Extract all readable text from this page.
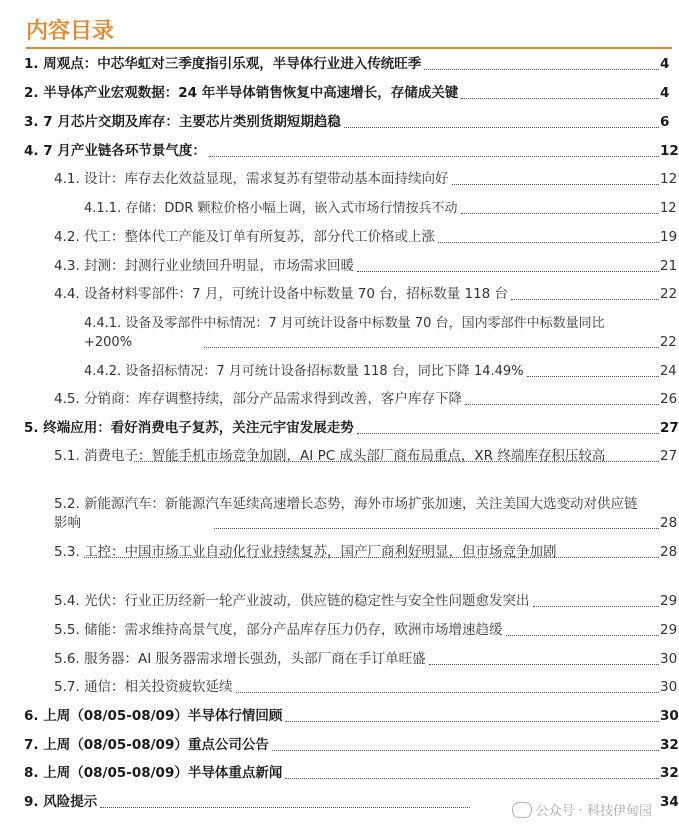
内容目录
1. 周观点：中芯华虹对三季度指引乐观，半导体行业进入传统旺季	4
2. 半导体产业宏观数据：24 年半导体销售恢复中高速增长，存储成关键	4
3. 7 月芯片交期及库存：主要芯片类别货期短期趋稳	6
4. 7 月产业链各环节景气度：	12
4.1. 设计：库存去化效益显现，需求复苏有望带动基本面持续向好	12
4.1.1. 存储：DDR 颗粒价格小幅上调，嵌入式市场行情按兵不动	12
4.2. 代工：整体代工产能及订单有所复苏，部分代工价格或上涨	19
4.3. 封测：封测行业业绩回升明显，市场需求回暖	21
4.4. 设备材料零部件：7 月，可统计设备中标数量 70 台，招标数量 118 台	22
4.4.1. 设备及零部件中标情况：7 月可统计设备中标数量 70 台，国内零部件中标数量同比+200%	22
4.4.2. 设备招标情况：7 月可统计设备招标数量 118 台，同比下降 14.49%	24
4.5. 分销商：库存调整持续，部分产品需求得到改善，客户库存下降	26
5. 终端应用：看好消费电子复苏，关注元宇宙发展走势	27
5.1. 消费电子：智能手机市场竞争加剧，AI PC 成头部厂商布局重点，XR 终端库存积压较高	27
5.2. 新能源汽车：新能源汽车延续高速增长态势，海外市场扩张加速，关注美国大选变动对供应链影响	28
5.3. 工控：中国市场工业自动化行业持续复苏，国产厂商利好明显，但市场竞争加剧	28
5.4. 光伏：行业正历经新一轮产业波动，供应链的稳定性与安全性问题愈发突出	29
5.5. 储能：需求维持高景气度，部分产品库存压力仍存，欧洲市场增速趋缓	29
5.6. 服务器：AI 服务器需求增长强劲，头部厂商在手订单旺盛	30
5.7. 通信：相关投资疲软延续	30
6. 上周（08/05-08/09）半导体行情回顾	30
7. 上周（08/05-08/09）重点公司公告	32
8. 上周（08/05-08/09）半导体重点新闻	32
9. 风险提示	34
公众号 · 科技伊甸园
